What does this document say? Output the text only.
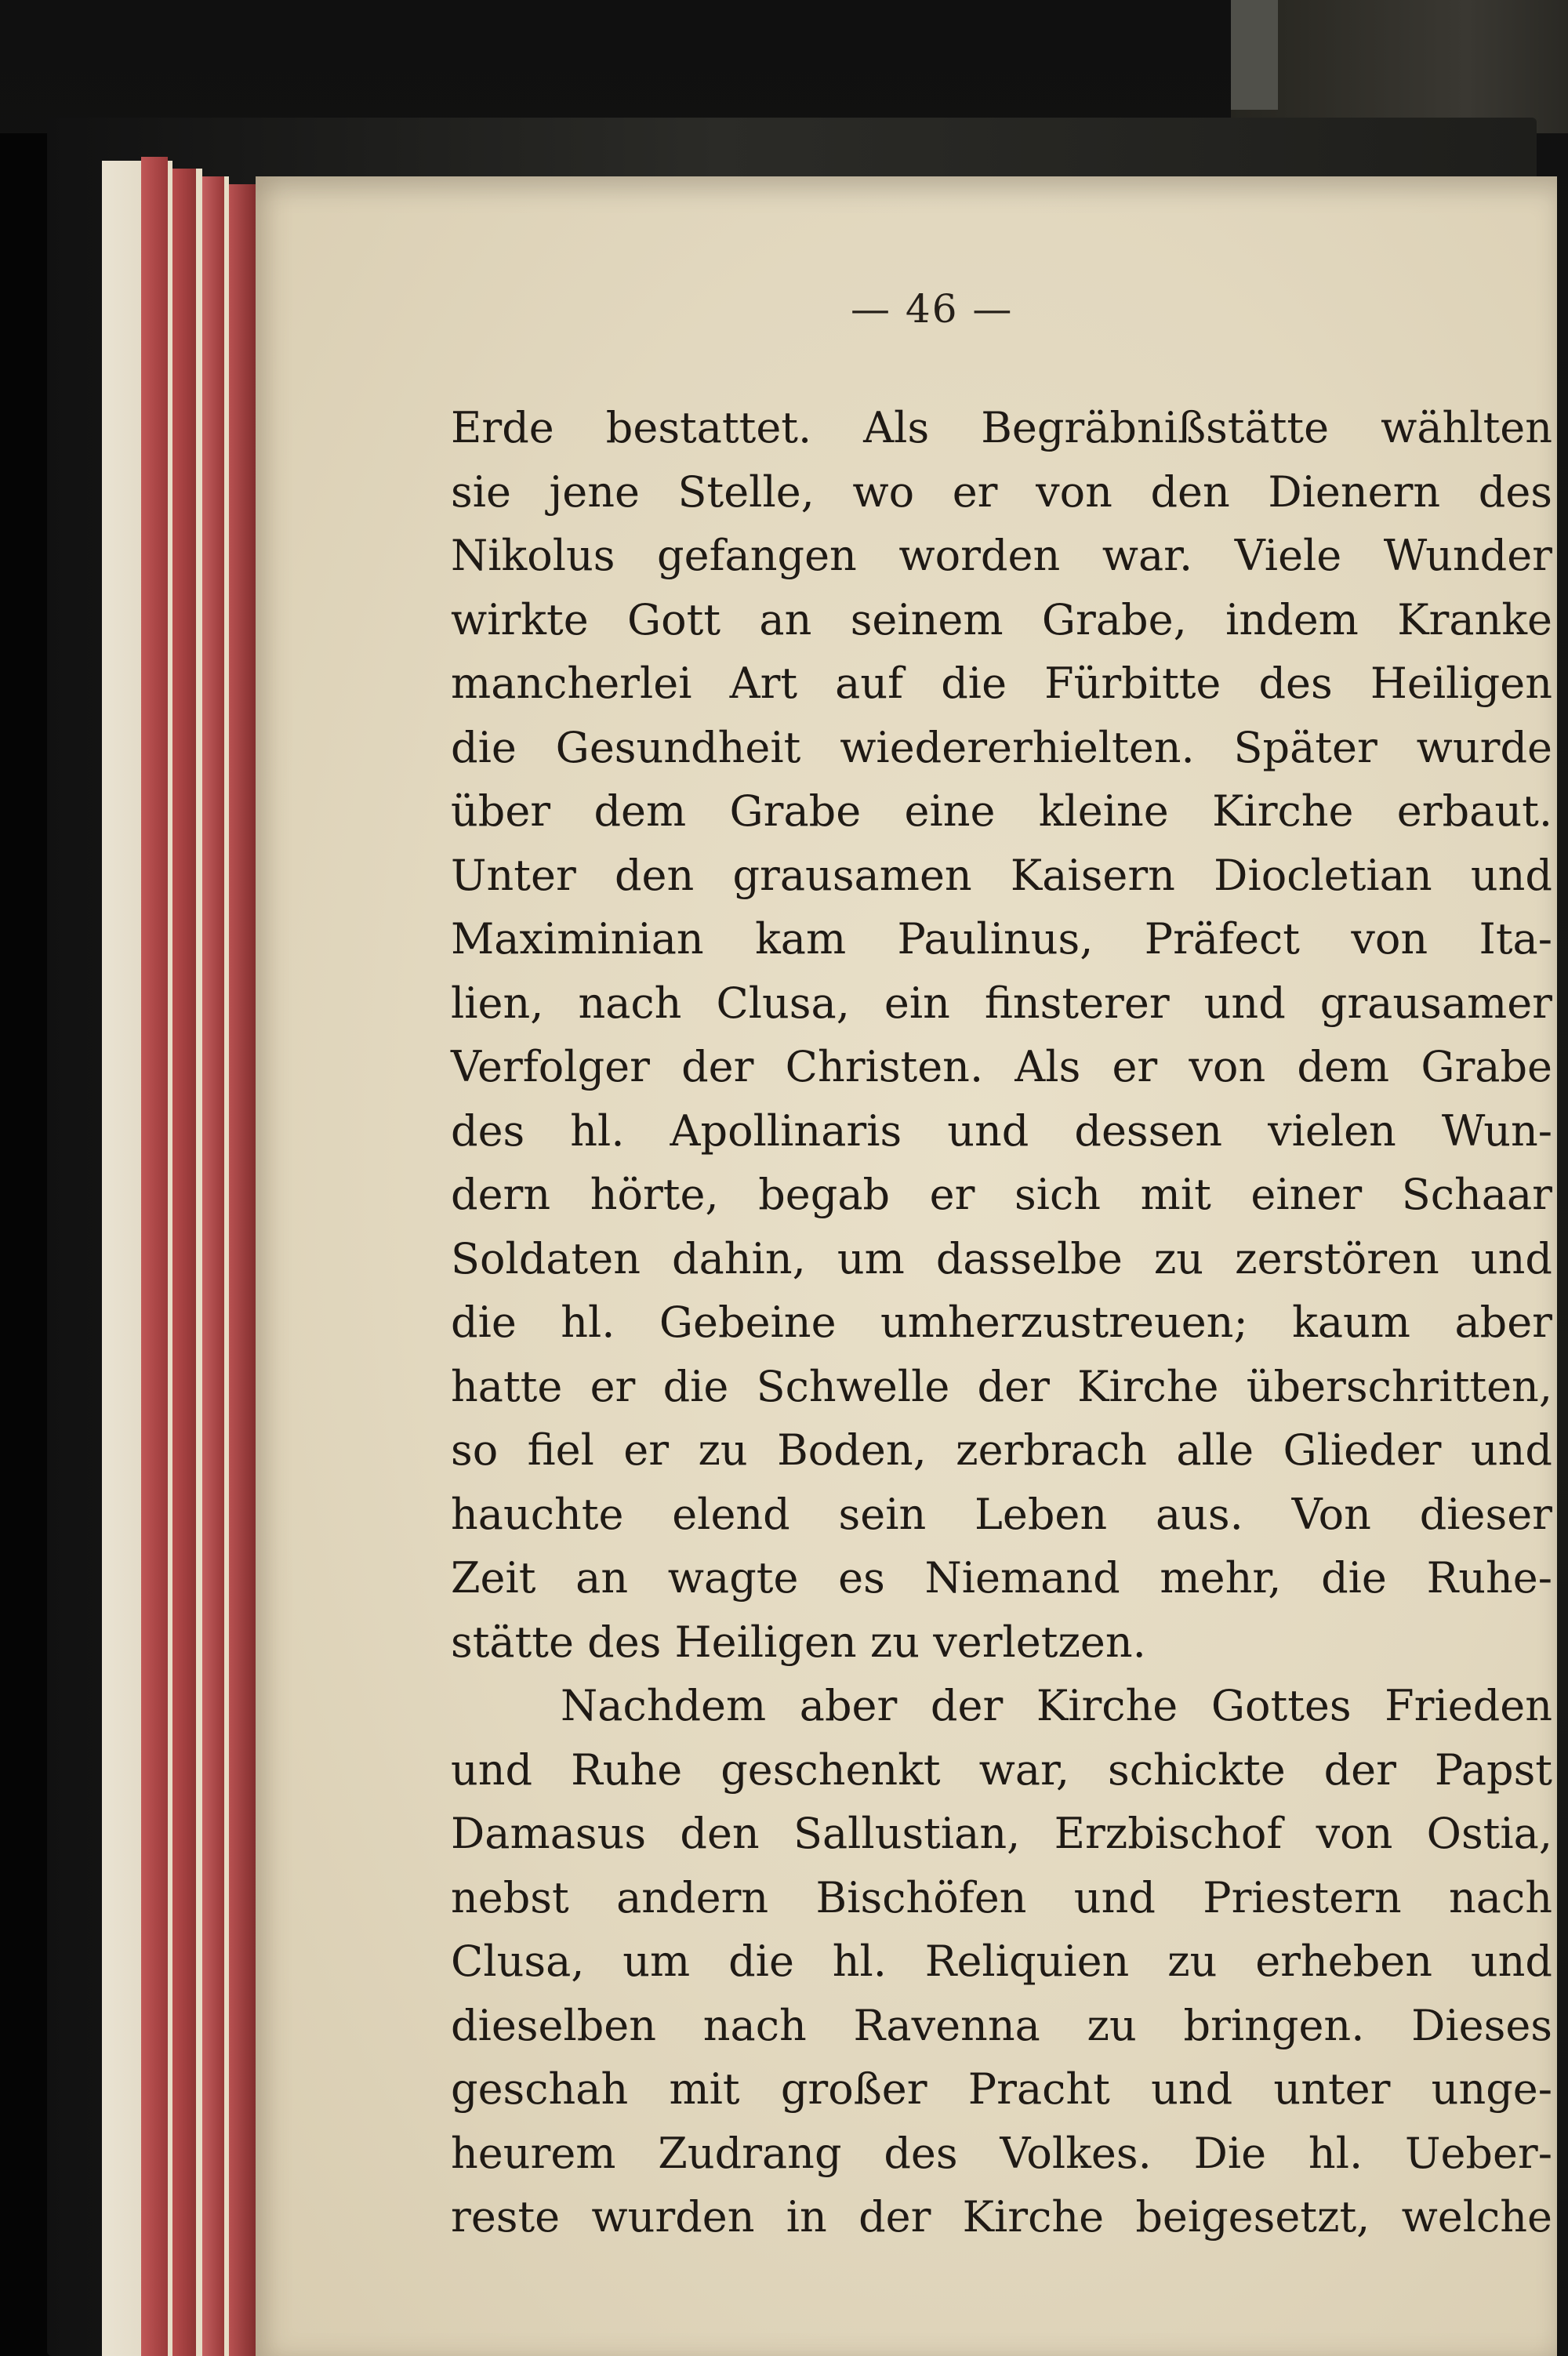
— 46 —
Erde bestattet. Als Begräbnißstätte wählten
sie jene Stelle, wo er von den Dienern des
Nikolus gefangen worden war. Viele Wunder
wirkte Gott an seinem Grabe, indem Kranke
mancherlei Art auf die Fürbitte des Heiligen
die Gesundheit wiedererhielten. Später wurde
über dem Grabe eine kleine Kirche erbaut.
Unter den grausamen Kaisern Diocletian und
Maximinian kam Paulinus, Präfect von Ita-
lien, nach Clusa, ein finsterer und grausamer
Verfolger der Christen. Als er von dem Grabe
des hl. Apollinaris und dessen vielen Wun-
dern hörte, begab er sich mit einer Schaar
Soldaten dahin, um dasselbe zu zerstören und
die hl. Gebeine umherzustreuen; kaum aber
hatte er die Schwelle der Kirche überschritten,
so fiel er zu Boden, zerbrach alle Glieder und
hauchte elend sein Leben aus. Von dieser
Zeit an wagte es Niemand mehr, die Ruhe-
stätte des Heiligen zu verletzen.
Nachdem aber der Kirche Gottes Frieden
und Ruhe geschenkt war, schickte der Papst
Damasus den Sallustian, Erzbischof von Ostia,
nebst andern Bischöfen und Priestern nach
Clusa, um die hl. Reliquien zu erheben und
dieselben nach Ravenna zu bringen. Dieses
geschah mit großer Pracht und unter unge-
heurem Zudrang des Volkes. Die hl. Ueber-
reste wurden in der Kirche beigesetzt, welche
